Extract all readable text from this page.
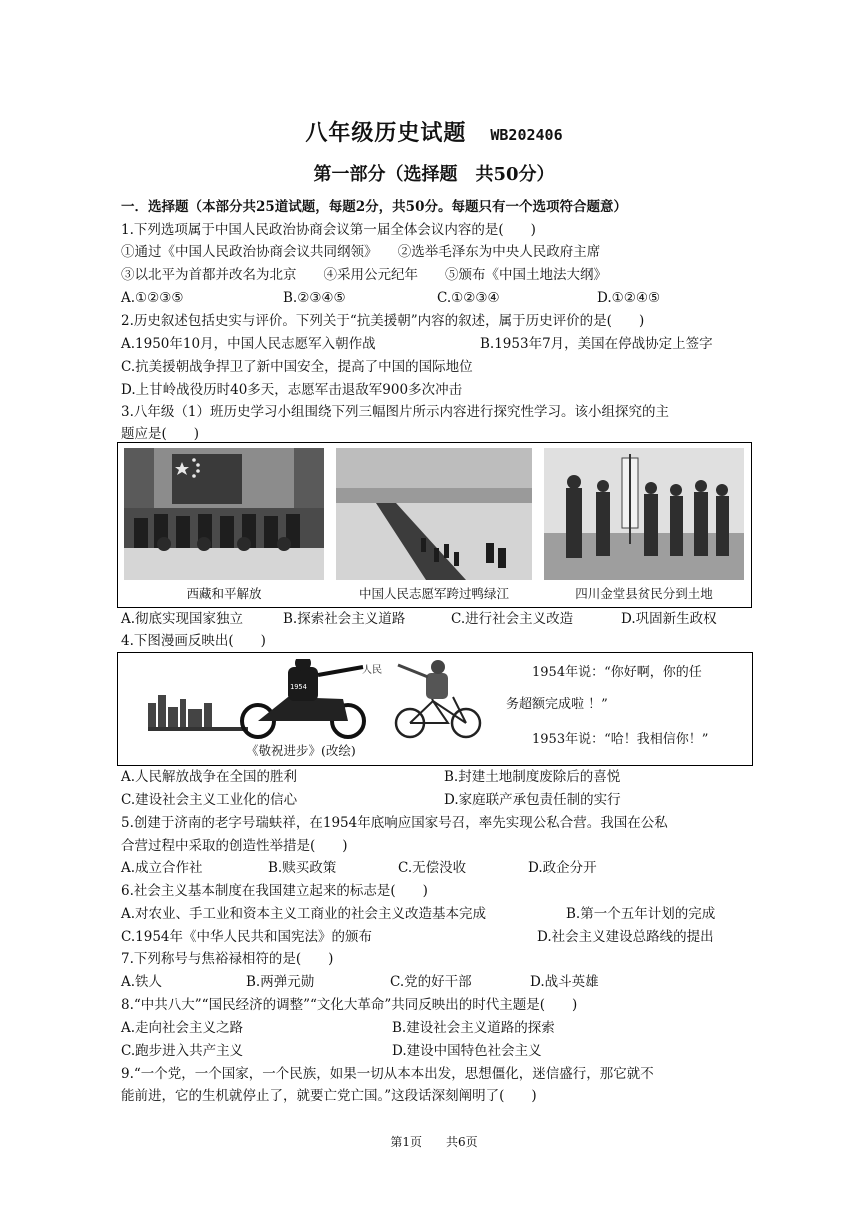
八年级历史试题 WB202406
第一部分（选择题　共50分）
一．选择题（本部分共25道试题，每题2分，共50分。每题只有一个选项符合题意）
1.下列选项属于中国人民政治协商会议第一届全体会议内容的是(　　)
①通过《中国人民政治协商会议共同纲领》　　②选举毛泽东为中央人民政府主席
③以北平为首都并改名为北京　　④采用公元纪年　　⑤颁布《中国土地法大纲》
A.①②③⑤	B.②③④⑤	C.①②③④	D.①②④⑤
2.历史叙述包括史实与评价。下列关于“抗美援朝”内容的叙述，属于历史评价的是(　　)
A.1950年10月，中国人民志愿军入朝作战	B.1953年7月，美国在停战协定上签字
C.抗美援朝战争捍卫了新中国安全，提高了中国的国际地位
D.上甘岭战役历时40多天，志愿军击退敌军900多次冲击
3.八年级（1）班历史学习小组围绕下列三幅图片所示内容进行探究性学习。该小组探究的主
题应是(　　)
西藏和平解放	中国人民志愿军跨过鸭绿江	四川金堂县贫民分到土地
A.彻底实现国家独立	B.探索社会主义道路	C.进行社会主义改造	D.巩固新生政权
4.下图漫画反映出(　　)
1954
人民
《敬祝进步》(改绘)
1954年说：“你好啊，你的任
务超额完成啦 ！”
1953年说：“哈！我相信你！”
A.人民解放战争在全国的胜利	B.封建土地制度废除后的喜悦
C.建设社会主义工业化的信心	D.家庭联产承包责任制的实行
5.创建于济南的老字号瑞蚨祥，在1954年底响应国家号召，率先实现公私合营。我国在公私
合营过程中采取的创造性举措是(　　)
A.成立合作社	B.赎买政策	C.无偿没收	D.政企分开
6.社会主义基本制度在我国建立起来的标志是(　　)
A.对农业、手工业和资本主义工商业的社会主义改造基本完成	B.第一个五年计划的完成
C.1954年《中华人民共和国宪法》的颁布	D.社会主义建设总路线的提出
7.下列称号与焦裕禄相符的是(　　)
A.铁人	B.两弹元勋	C.党的好干部	D.战斗英雄
8.“中共八大”“国民经济的调整”“文化大革命”共同反映出的时代主题是(　　)
A.走向社会主义之路	B.建设社会主义道路的探索
C.跑步进入共产主义	D.建设中国特色社会主义
9.“一个党，一个国家，一个民族，如果一切从本本出发，思想僵化，迷信盛行，那它就不
能前进，它的生机就停止了，就要亡党亡国。”这段话深刻阐明了(　　)
第1页　　共6页
